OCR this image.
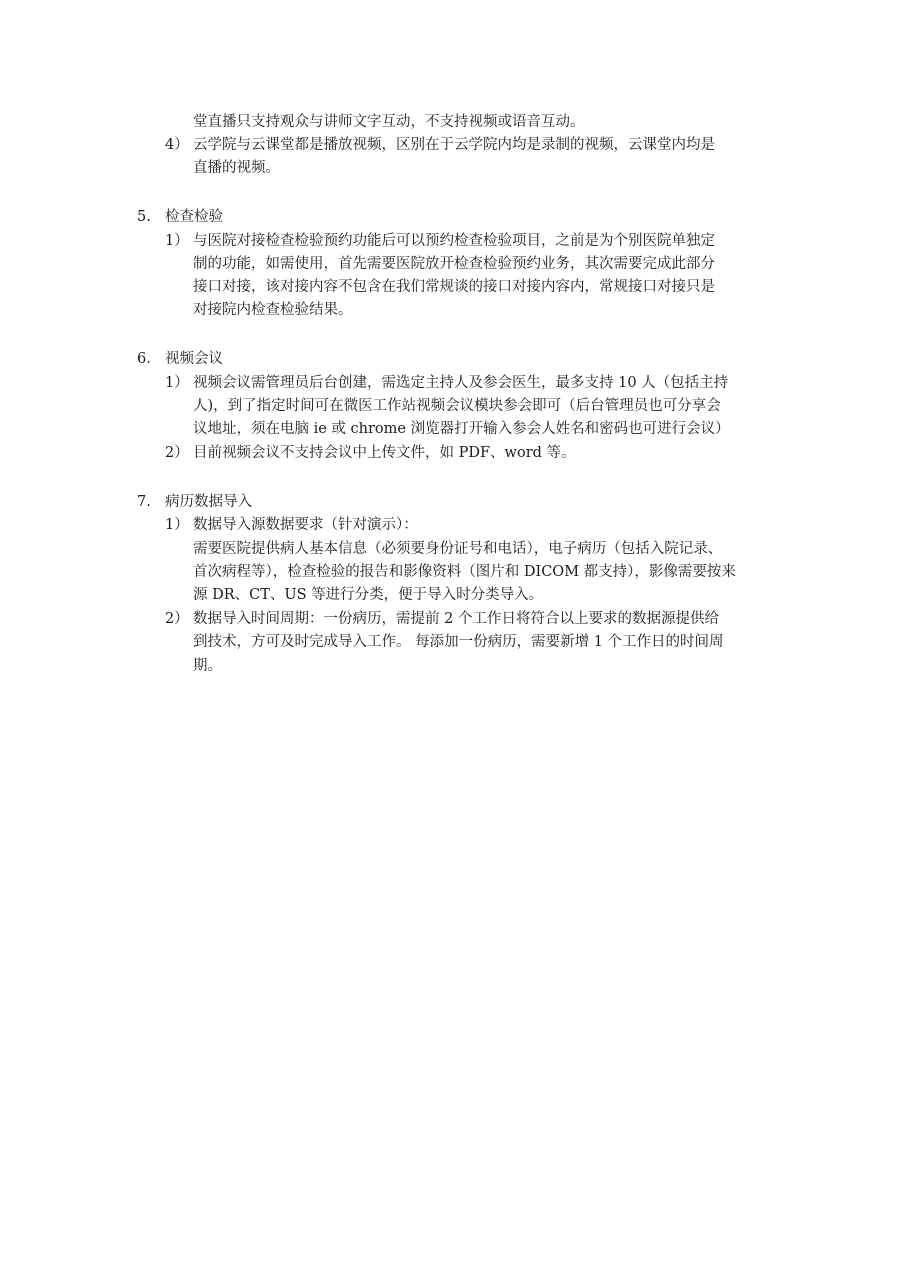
堂直播只支持观众与讲师文字互动，不支持视频或语音互动。
4） 云学院与云课堂都是播放视频，区别在于云学院内均是录制的视频，云课堂内均是
直播的视频。
5. 检查检验
1） 与医院对接检查检验预约功能后可以预约检查检验项目，之前是为个别医院单独定
制的功能，如需使用，首先需要医院放开检查检验预约业务，其次需要完成此部分
接口对接，该对接内容不包含在我们常规谈的接口对接内容内，常规接口对接只是
对接院内检查检验结果。
6. 视频会议
1） 视频会议需管理员后台创建，需选定主持人及参会医生，最多支持 10 人（包括主持
人)，到了指定时间可在微医工作站视频会议模块参会即可（后台管理员也可分享会
议地址，须在电脑 ie 或 chrome 浏览器打开输入参会人姓名和密码也可进行会议）
2） 目前视频会议不支持会议中上传文件，如 PDF、word 等。
7. 病历数据导入
1） 数据导入源数据要求（针对演示）：
需要医院提供病人基本信息（必须要身份证号和电话），电子病历（包括入院记录、
首次病程等），检查检验的报告和影像资料（图片和 DICOM 都支持），影像需要按来
源 DR、CT、US 等进行分类，便于导入时分类导入。
2） 数据导入时间周期：一份病历，需提前 2 个工作日将符合以上要求的数据源提供给
到技术，方可及时完成导入工作。 每添加一份病历，需要新增 1 个工作日的时间周
期。
